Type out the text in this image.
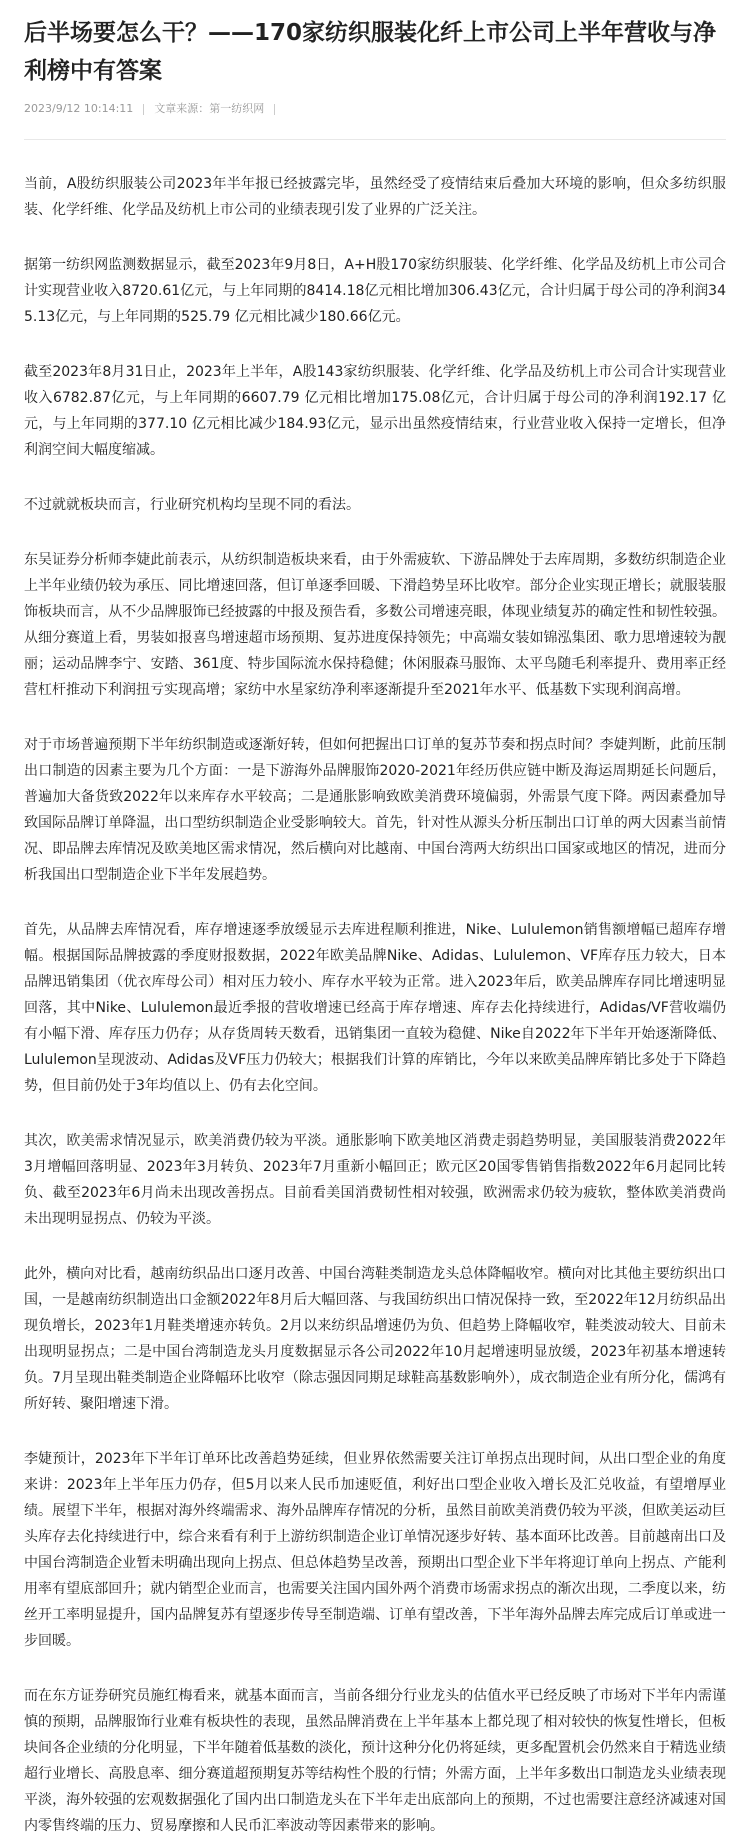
后半场要怎么干？——170家纺织服装化纤上市公司上半年营收与净利榜中有答案
2023/9/12 10:14:11 文章来源：第一纺织网

当前，A股纺织服装公司2023年半年报已经披露完毕，虽然经受了疫情结束后叠加大环境的影响，但众多纺织服装、化学纤维、化学品及纺机上市公司的业绩表现引发了业界的广泛关注。

据第一纺织网监测数据显示，截至2023年9月8日，A+H股170家纺织服装、化学纤维、化学品及纺机上市公司合计实现营业收入8720.61亿元，与上年同期的8414.18亿元相比增加306.43亿元，合计归属于母公司的净利润345.13亿元，与上年同期的525.79 亿元相比减少180.66亿元。

截至2023年8月31日止，2023年上半年，A股143家纺织服装、化学纤维、化学品及纺机上市公司合计实现营业收入6782.87亿元，与上年同期的6607.79 亿元相比增加175.08亿元，合计归属于母公司的净利润192.17 亿元，与上年同期的377.10 亿元相比减少184.93亿元，显示出虽然疫情结束，行业营业收入保持一定增长，但净利润空间大幅度缩减。

不过就就板块而言，行业研究机构均呈现不同的看法。

东吴证券分析师李婕此前表示，从纺织制造板块来看，由于外需疲软、下游品牌处于去库周期，多数纺织制造企业上半年业绩仍较为承压、同比增速回落，但订单逐季回暖、下滑趋势呈环比收窄。部分企业实现正增长；就服装服饰板块而言，从不少品牌服饰已经披露的中报及预告看，多数公司增速亮眼，体现业绩复苏的确定性和韧性较强。从细分赛道上看，男装如报喜鸟增速超市场预期、复苏进度保持领先；中高端女装如锦泓集团、歌力思增速较为靓丽；运动品牌李宁、安踏、361度、特步国际流水保持稳健；休闲服森马服饰、太平鸟随毛利率提升、费用率正经营杠杆推动下利润扭亏实现高增；家纺中水星家纺净利率逐渐提升至2021年水平、低基数下实现利润高增。

对于市场普遍预期下半年纺织制造或逐渐好转，但如何把握出口订单的复苏节奏和拐点时间？李婕判断，此前压制出口制造的因素主要为几个方面：一是下游海外品牌服饰2020-2021年经历供应链中断及海运周期延长问题后，普遍加大备货致2022年以来库存水平较高；二是通胀影响致欧美消费环境偏弱，外需景气度下降。两因素叠加导致国际品牌订单降温，出口型纺织制造企业受影响较大。首先，针对性从源头分析压制出口订单的两大因素当前情况、即品牌去库情况及欧美地区需求情况，然后横向对比越南、中国台湾两大纺织出口国家或地区的情况，进而分析我国出口型制造企业下半年发展趋势。

首先，从品牌去库情况看，库存增速逐季放缓显示去库进程顺利推进，Nike、Lululemon销售额增幅已超库存增幅。根据国际品牌披露的季度财报数据，2022年欧美品牌Nike、Adidas、Lululemon、VF库存压力较大，日本品牌迅销集团（优衣库母公司）相对压力较小、库存水平较为正常。进入2023年后，欧美品牌库存同比增速明显回落，其中Nike、Lululemon最近季报的营收增速已经高于库存增速、库存去化持续进行，Adidas/VF营收端仍有小幅下滑、库存压力仍存；从存货周转天数看，迅销集团一直较为稳健、Nike自2022年下半年开始逐渐降低、Lululemon呈现波动、Adidas及VF压力仍较大；根据我们计算的库销比，今年以来欧美品牌库销比多处于下降趋势，但目前仍处于3年均值以上、仍有去化空间。

其次，欧美需求情况显示，欧美消费仍较为平淡。通胀影响下欧美地区消费走弱趋势明显，美国服装消费2022年3月增幅回落明显、2023年3月转负、2023年7月重新小幅回正；欧元区20国零售销售指数2022年6月起同比转负、截至2023年6月尚未出现改善拐点。目前看美国消费韧性相对较强，欧洲需求仍较为疲软，整体欧美消费尚未出现明显拐点、仍较为平淡。

此外，横向对比看，越南纺织品出口逐月改善、中国台湾鞋类制造龙头总体降幅收窄。横向对比其他主要纺织出口国，一是越南纺织制造出口金额2022年8月后大幅回落、与我国纺织出口情况保持一致，至2022年12月纺织品出现负增长，2023年1月鞋类增速亦转负。2月以来纺织品增速仍为负、但趋势上降幅收窄，鞋类波动较大、目前未出现明显拐点；二是中国台湾制造龙头月度数据显示各公司2022年10月起增速明显放缓，2023年初基本增速转负。7月呈现出鞋类制造企业降幅环比收窄（除志强因同期足球鞋高基数影响外），成衣制造企业有所分化，儒鸿有所好转、聚阳增速下滑。

李婕预计，2023年下半年订单环比改善趋势延续，但业界依然需要关注订单拐点出现时间，从出口型企业的角度来讲：2023年上半年压力仍存，但5月以来人民币加速贬值，利好出口型企业收入增长及汇兑收益，有望增厚业绩。展望下半年，根据对海外终端需求、海外品牌库存情况的分析，虽然目前欧美消费仍较为平淡，但欧美运动巨头库存去化持续进行中，综合来看有利于上游纺织制造企业订单情况逐步好转、基本面环比改善。目前越南出口及中国台湾制造企业暂未明确出现向上拐点、但总体趋势呈改善，预期出口型企业下半年将迎订单向上拐点、产能利用率有望底部回升；就内销型企业而言，也需要关注国内国外两个消费市场需求拐点的渐次出现，二季度以来，纺丝开工率明显提升，国内品牌复苏有望逐步传导至制造端、订单有望改善，下半年海外品牌去库完成后订单或进一步回暖。

而在东方证券研究员施红梅看来，就基本面而言，当前各细分行业龙头的估值水平已经反映了市场对下半年内需谨慎的预期，品牌服饰行业难有板块性的表现，虽然品牌消费在上半年基本上都兑现了相对较快的恢复性增长，但板块间各企业绩的分化明显，下半年随着低基数的淡化，预计这种分化仍将延续，更多配置机会仍然来自于精选业绩超行业增长、高股息率、细分赛道超预期复苏等结构性个股的行情；外需方面，上半年多数出口制造龙头业绩表现平淡，海外较强的宏观数据强化了国内出口制造龙头在下半年走出底部向上的预期，不过也需要注意经济减速对国内零售终端的压力、贸易摩擦和人民币汇率波动等因素带来的影响。
